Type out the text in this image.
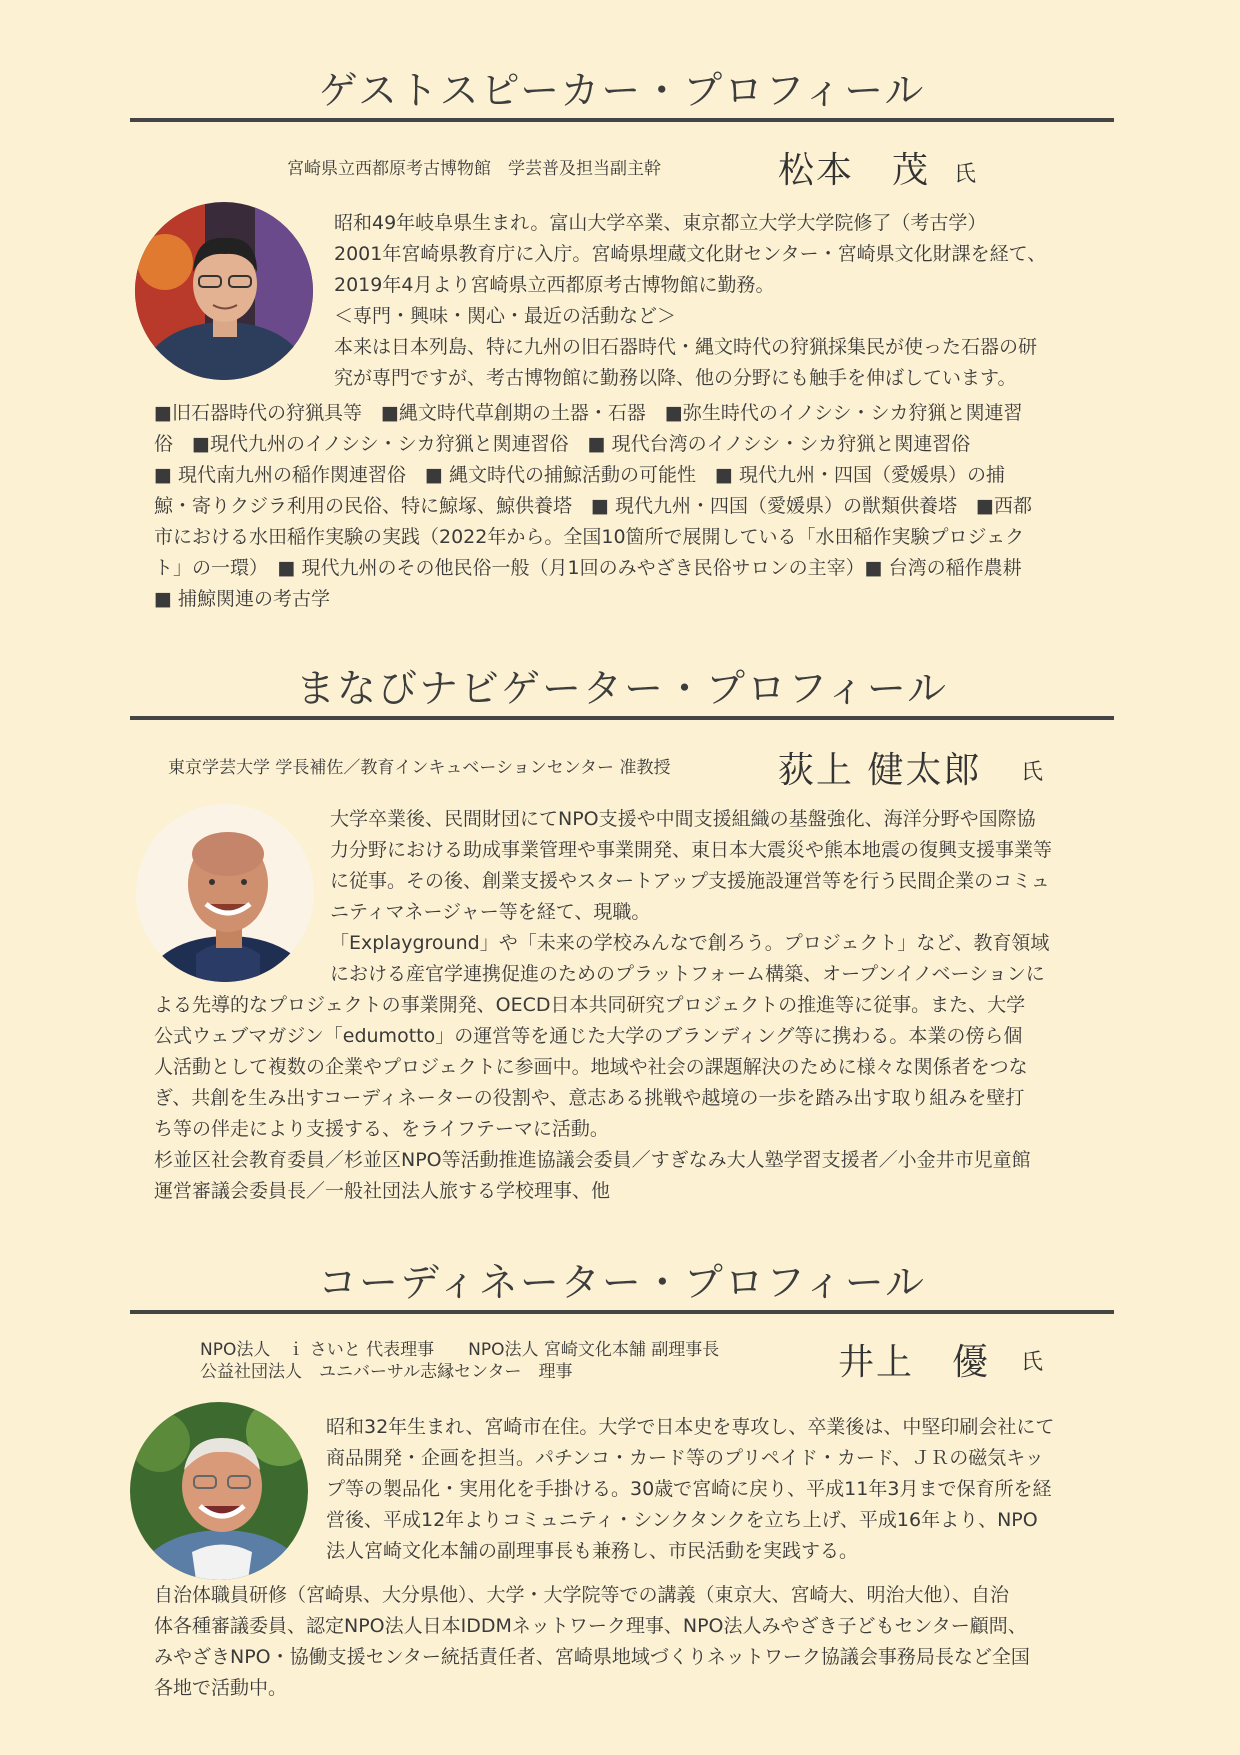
ゲストスピーカー・プロフィール
宮崎県立西都原考古博物館　学芸普及担当副主幹	松本　茂 氏

昭和49年岐阜県生まれ。富山大学卒業、東京都立大学大学院修了（考古学）

2001年宮崎県教育庁に入庁。宮崎県埋蔵文化財センター・宮崎県文化財課を経て、

2019年4月より宮崎県立西都原考古博物館に勤務。

＜専門・興味・関心・最近の活動など＞

本来は日本列島、特に九州の旧石器時代・縄文時代の狩猟採集民が使った石器の研

究が専門ですが、考古博物館に勤務以降、他の分野にも触手を伸ばしています。

■旧石器時代の狩猟具等　■縄文時代草創期の土器・石器　■弥生時代のイノシシ・シカ狩猟と関連習

俗　■現代九州のイノシシ・シカ狩猟と関連習俗　■ 現代台湾のイノシシ・シカ狩猟と関連習俗

■ 現代南九州の稲作関連習俗　■ 縄文時代の捕鯨活動の可能性　■ 現代九州・四国（愛媛県）の捕

鯨・寄りクジラ利用の民俗、特に鯨塚、鯨供養塔　■ 現代九州・四国（愛媛県）の獣類供養塔　■西都

市における水田稲作実験の実践（2022年から。全国10箇所で展開している「水田稲作実験プロジェク

ト」の一環）　■ 現代九州のその他民俗一般（月1回のみやざき民俗サロンの主宰）■ 台湾の稲作農耕

■ 捕鯨関連の考古学

まなびナビゲーター・プロフィール
東京学芸大学 学長補佐／教育インキュベーションセンター 准教授	荻上 健太郎 氏

大学卒業後、民間財団にてNPO支援や中間支援組織の基盤強化、海洋分野や国際協

力分野における助成事業管理や事業開発、東日本大震災や熊本地震の復興支援事業等

に従事。その後、創業支援やスタートアップ支援施設運営等を行う民間企業のコミュ

ニティマネージャー等を経て、現職。

「Explayground」や「未来の学校みんなで創ろう。プロジェクト」など、教育領域

における産官学連携促進のためのプラットフォーム構築、オープンイノベーションに

よる先導的なプロジェクトの事業開発、OECD日本共同研究プロジェクトの推進等に従事。また、大学

公式ウェブマガジン「edumotto」の運営等を通じた大学のブランディング等に携わる。本業の傍ら個

人活動として複数の企業やプロジェクトに参画中。地域や社会の課題解決のために様々な関係者をつな

ぎ、共創を生み出すコーディネーターの役割や、意志ある挑戦や越境の一歩を踏み出す取り組みを壁打

ち等の伴走により支援する、をライフテーマに活動。

杉並区社会教育委員／杉並区NPO等活動推進協議会委員／すぎなみ大人塾学習支援者／小金井市児童館

運営審議会委員長／一般社団法人旅する学校理事、他

コーディネーター・プロフィール
NPO法人　ｉ さいと 代表理事　　NPO法人 宮崎文化本舗 副理事長
公益社団法人　ユニバーサル志縁センター　理事	井上　優 氏

昭和32年生まれ、宮崎市在住。大学で日本史を専攻し、卒業後は、中堅印刷会社にて

商品開発・企画を担当。パチンコ・カード等のプリペイド・カード、ＪＲの磁気キッ

プ等の製品化・実用化を手掛ける。30歳で宮崎に戻り、平成11年3月まで保育所を経

営後、平成12年よりコミュニティ・シンクタンクを立ち上げ、平成16年より、NPO

法人宮崎文化本舗の副理事長も兼務し、市民活動を実践する。

自治体職員研修（宮崎県、大分県他）、大学・大学院等での講義（東京大、宮崎大、明治大他）、自治

体各種審議委員、認定NPO法人日本IDDMネットワーク理事、NPO法人みやざき子どもセンター顧問、

みやざきNPO・協働支援センター統括責任者、宮崎県地域づくりネットワーク協議会事務局長など全国

各地で活動中。
